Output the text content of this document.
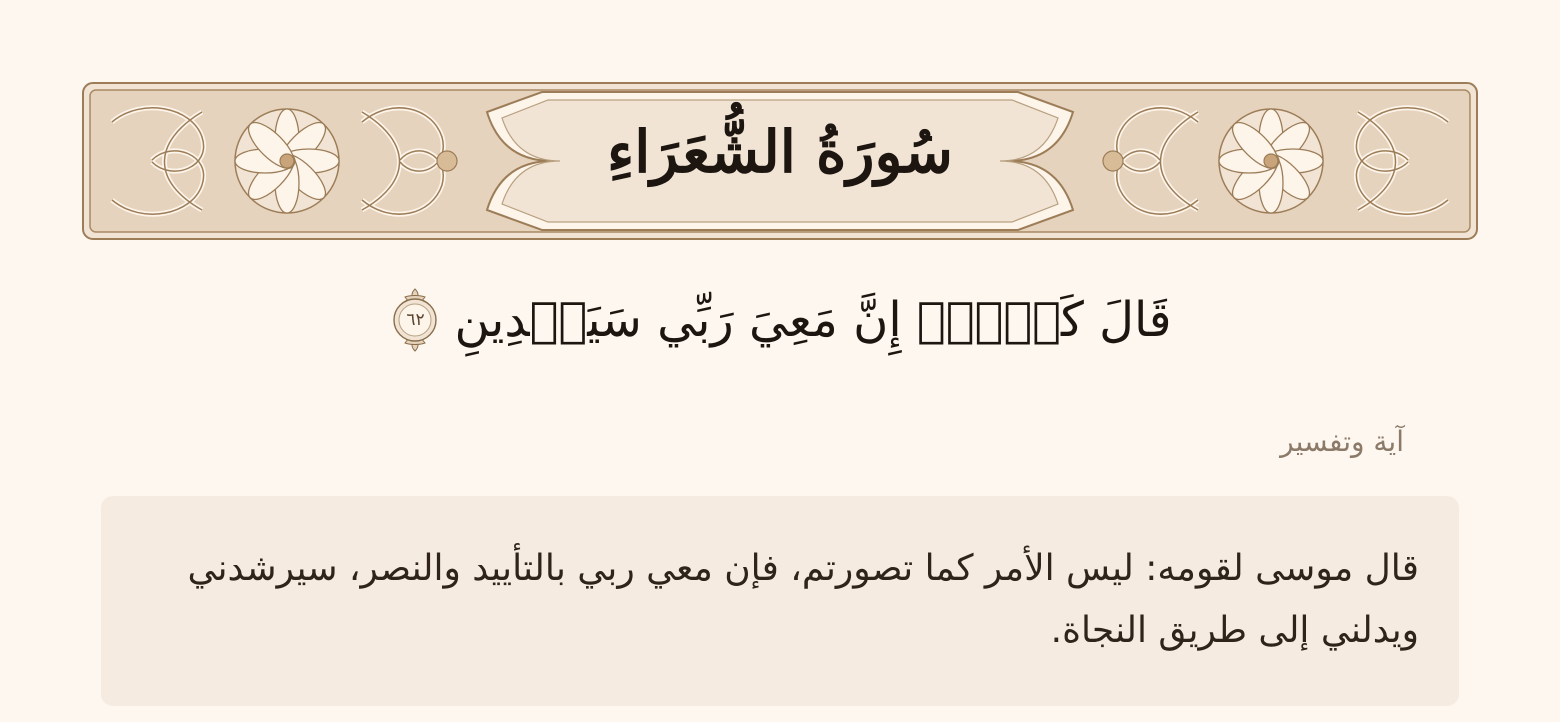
سُورَةُ الشُّعَرَاءِ
قَالَ كَلَّآۖ إِنَّ مَعِيَ رَبِّي سَيَهۡدِينِ
٦٢
آية وتفسير

قال موسى لقومه: ليس الأمر كما تصورتم، فإن معي ربي بالتأييد والنصر، سيرشدني ويدلني إلى طريق النجاة.
